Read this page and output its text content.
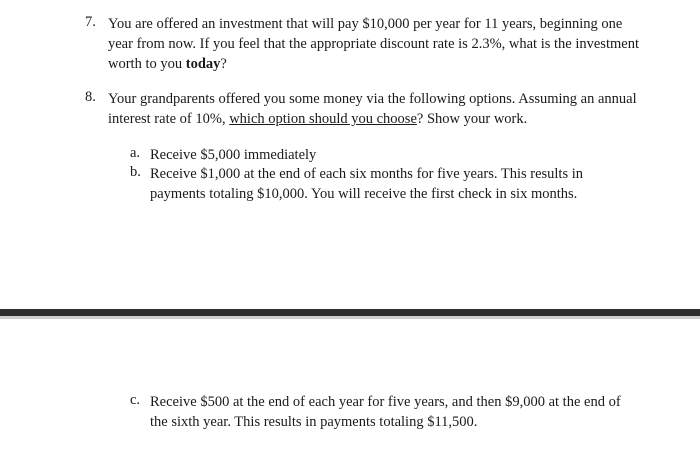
7. You are offered an investment that will pay $10,000 per year for 11 years, beginning one year from now. If you feel that the appropriate discount rate is 2.3%, what is the investment worth to you today?
8. Your grandparents offered you some money via the following options. Assuming an annual interest rate of 10%, which option should you choose? Show your work.
a. Receive $5,000 immediately
b. Receive $1,000 at the end of each six months for five years. This results in payments totaling $10,000. You will receive the first check in six months.
c. Receive $500 at the end of each year for five years, and then $9,000 at the end of the sixth year. This results in payments totaling $11,500.
